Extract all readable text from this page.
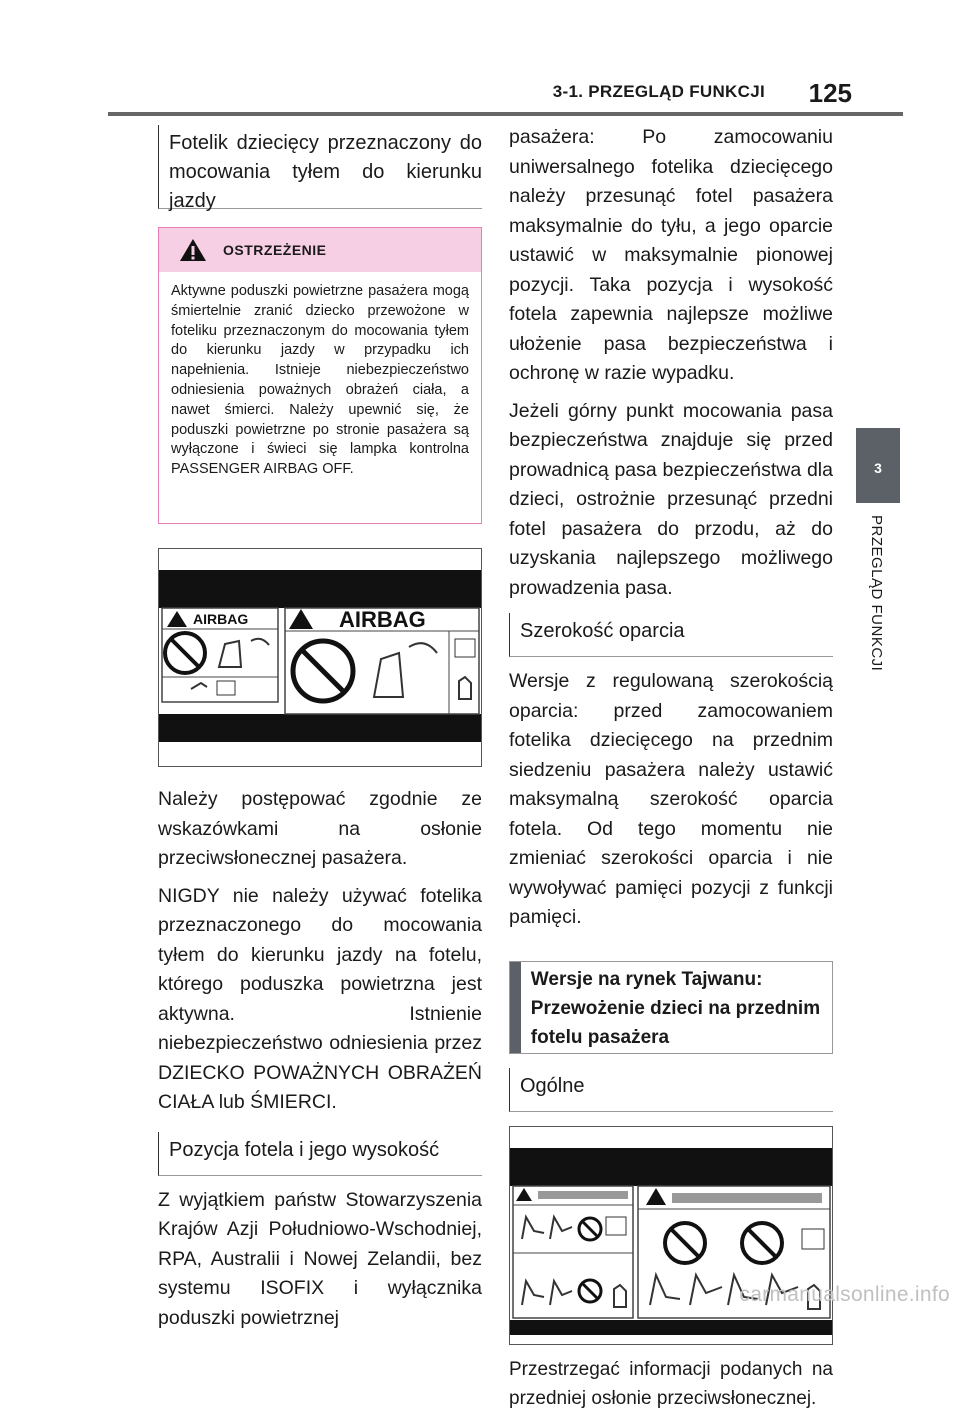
3-1. PRZEGLĄD FUNKCJI 125
3
PRZEGLĄD FUNKCJI
Fotelik dziecięcy przeznaczony do mocowania tyłem do kierunku jazdy
OSTRZEŻENIE
Aktywne poduszki powietrzne pasażera mogą śmiertelnie zranić dziecko przewożone w foteliku przeznaczonym do mocowania tyłem do kierunku jazdy w przypadku ich napełnienia. Istnieje niebezpieczeństwo odniesienia poważnych obrażeń ciała, a nawet śmierci. Należy upewnić się, że poduszki powietrzne po stronie pasażera są wyłączone i świeci się lampka kontrolna PASSENGER AIRBAG OFF.
AIRBAG	AIRBAG
Należy postępować zgodnie ze wskazówkami na osłonie przeciwsłonecznej pasażera.
NIGDY nie należy używać fotelika przeznaczonego do mocowania tyłem do kierunku jazdy na fotelu, którego poduszka powietrzna jest aktywna. Istnienie niebezpieczeństwo odniesienia przez DZIECKO POWAŻNYCH OBRAŻEŃ CIAŁA lub ŚMIERCI.
Pozycja fotela i jego wysokość
Z wyjątkiem państw Stowarzyszenia Krajów Azji Południowo-Wschodniej, RPA, Australii i Nowej Zelandii, bez systemu ISOFIX i wyłącznika poduszki powietrznej
pasażera: Po zamocowaniu uniwersalnego fotelika dziecięcego należy przesunąć fotel pasażera maksymalnie do tyłu, a jego oparcie ustawić w maksymalnie pionowej pozycji. Taka pozycja i wysokość fotela zapewnia najlepsze możliwe ułożenie pasa bezpieczeństwa i ochronę w razie wypadku.
Jeżeli górny punkt mocowania pasa bezpieczeństwa znajduje się przed prowadnicą pasa bezpieczeństwa dla dzieci, ostrożnie przesunąć przedni fotel pasażera do przodu, aż do uzyskania najlepszego możliwego prowadzenia pasa.
Szerokość oparcia
Wersje z regulowaną szerokością oparcia: przed zamocowaniem fotelika dziecięcego na przednim siedzeniu pasażera należy ustawić maksymalną szerokość oparcia fotela. Od tego momentu nie zmieniać szerokości oparcia i nie wywoływać pamięci pozycji z funkcji pamięci.
Wersje na rynek Tajwanu: Przewożenie dzieci na przednim fotelu pasażera
Ogólne
Przestrzegać informacji podanych na przedniej osłonie przeciwsłonecznej.
carmanualsonline.info
